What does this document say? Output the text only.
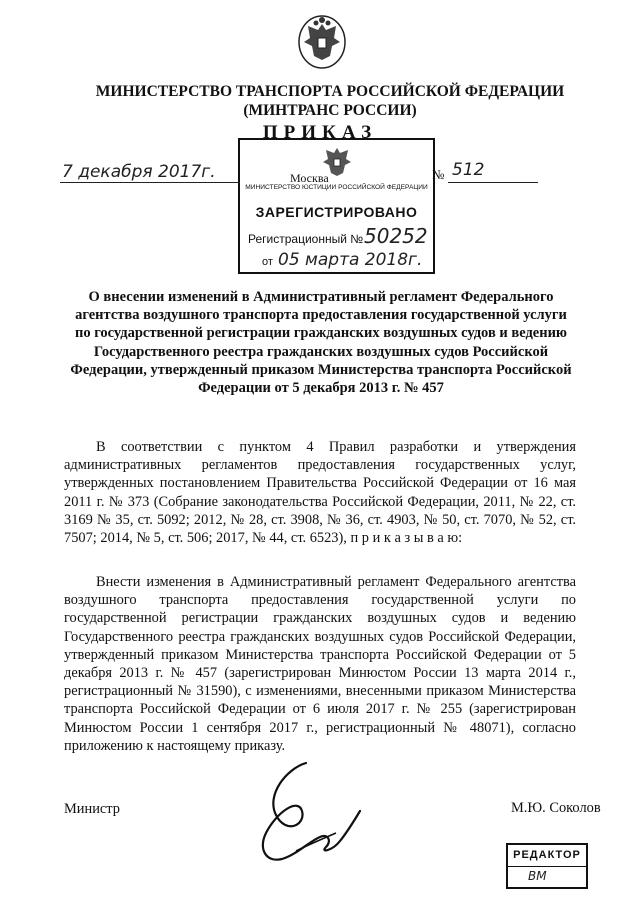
МИНИСТЕРСТВО ТРАНСПОРТА РОССИЙСКОЙ ФЕДЕРАЦИИ
(МИНТРАНС РОССИИ)
МИНИСТЕРСТВО ЮСТИЦИИ РОССИЙСКОЙ ФЕДЕРАЦИИ
ЗАРЕГИСТРИРОВАНО
Регистрационный № 50252
от 05 марта 2018г.
ПРИКАЗ
7 декабря 2017г.	Москва	№ 512
О внесении изменений в Административный регламент Федерального агентства воздушного транспорта предоставления государственной услуги по государственной регистрации гражданских воздушных судов и ведению Государственного реестра гражданских воздушных судов Российской Федерации, утвержденный приказом Министерства транспорта Российской Федерации от 5 декабря 2013 г. № 457
В соответствии с пунктом 4 Правил разработки и утверждения административных регламентов предоставления государственных услуг, утвержденных постановлением Правительства Российской Федерации от 16 мая 2011 г. № 373 (Собрание законодательства Российской Федерации, 2011, № 22, ст. 3169 № 35, ст. 5092; 2012, № 28, ст. 3908, № 36, ст. 4903, № 50, ст. 7070, № 52, ст. 7507; 2014, № 5, ст. 506; 2017, № 44, ст. 6523), п р и к а з ы в а ю:
Внести изменения в Административный регламент Федерального агентства воздушного транспорта предоставления государственной услуги по государственной регистрации гражданских воздушных судов и ведению Государственного реестра гражданских воздушных судов Российской Федерации, утвержденный приказом Министерства транспорта Российской Федерации от 5 декабря 2013 г. № 457 (зарегистрирован Минюстом России 13 марта 2014 г., регистрационный № 31590), с изменениями, внесенными приказом Министерства транспорта Российской Федерации от 6 июля 2017 г. № 255 (зарегистрирован Минюстом России 1 сентября 2017 г., регистрационный № 48071), согласно приложению к настоящему приказу.
Министр	М.Ю. Соколов
РЕДАКТОР
ВМ
